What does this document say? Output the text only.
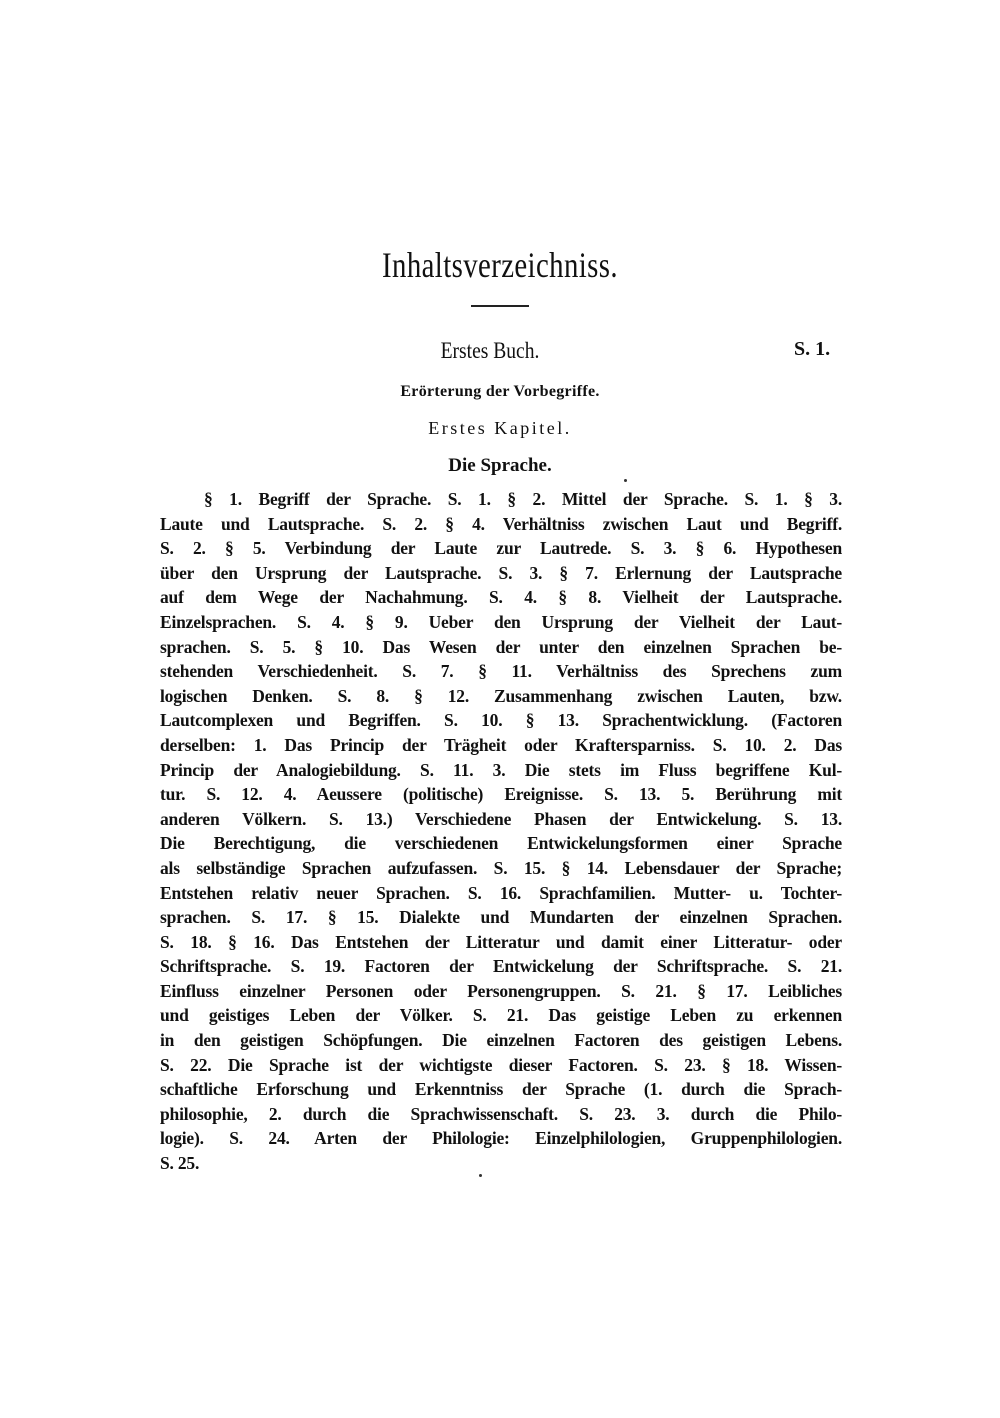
Inhaltsverzeichniss.
Erstes Buch.	S. 1.
Erörterung der Vorbegriffe.
Erstes Kapitel.
Die Sprache.
§ 1. Begriff der Sprache. S. 1. § 2. Mittel der Sprache. S. 1. § 3.
Laute und Lautsprache. S. 2. § 4. Verhältniss zwischen Laut und Begriff.
S. 2. § 5. Verbindung der Laute zur Lautrede. S. 3. § 6. Hypothesen
über den Ursprung der Lautsprache. S. 3. § 7. Erlernung der Lautsprache
auf dem Wege der Nachahmung. S. 4. § 8. Vielheit der Lautsprache.
Einzelsprachen. S. 4. § 9. Ueber den Ursprung der Vielheit der Laut-
sprachen. S. 5. § 10. Das Wesen der unter den einzelnen Sprachen be-
stehenden Verschiedenheit. S. 7. § 11. Verhältniss des Sprechens zum
logischen Denken. S. 8. § 12. Zusammenhang zwischen Lauten, bzw.
Lautcomplexen und Begriffen. S. 10. § 13. Sprachentwicklung. (Factoren
derselben: 1. Das Princip der Trägheit oder Kraftersparniss. S. 10. 2. Das
Princip der Analogiebildung. S. 11. 3. Die stets im Fluss begriffene Kul-
tur. S. 12. 4. Aeussere (politische) Ereignisse. S. 13. 5. Berührung mit
anderen Völkern. S. 13.) Verschiedene Phasen der Entwickelung. S. 13.
Die Berechtigung, die verschiedenen Entwickelungsformen einer Sprache
als selbständige Sprachen aufzufassen. S. 15. § 14. Lebensdauer der Sprache;
Entstehen relativ neuer Sprachen. S. 16. Sprachfamilien. Mutter- u. Tochter-
sprachen. S. 17. § 15. Dialekte und Mundarten der einzelnen Sprachen.
S. 18. § 16. Das Entstehen der Litteratur und damit einer Litteratur- oder
Schriftsprache. S. 19. Factoren der Entwickelung der Schriftsprache. S. 21.
Einfluss einzelner Personen oder Personengruppen. S. 21. § 17. Leibliches
und geistiges Leben der Völker. S. 21. Das geistige Leben zu erkennen
in den geistigen Schöpfungen. Die einzelnen Factoren des geistigen Lebens.
S. 22. Die Sprache ist der wichtigste dieser Factoren. S. 23. § 18. Wissen-
schaftliche Erforschung und Erkenntniss der Sprache (1. durch die Sprach-
philosophie, 2. durch die Sprachwissenschaft. S. 23. 3. durch die Philo-
logie). S. 24. Arten der Philologie: Einzelphilologien, Gruppenphilologien.
S. 25.
